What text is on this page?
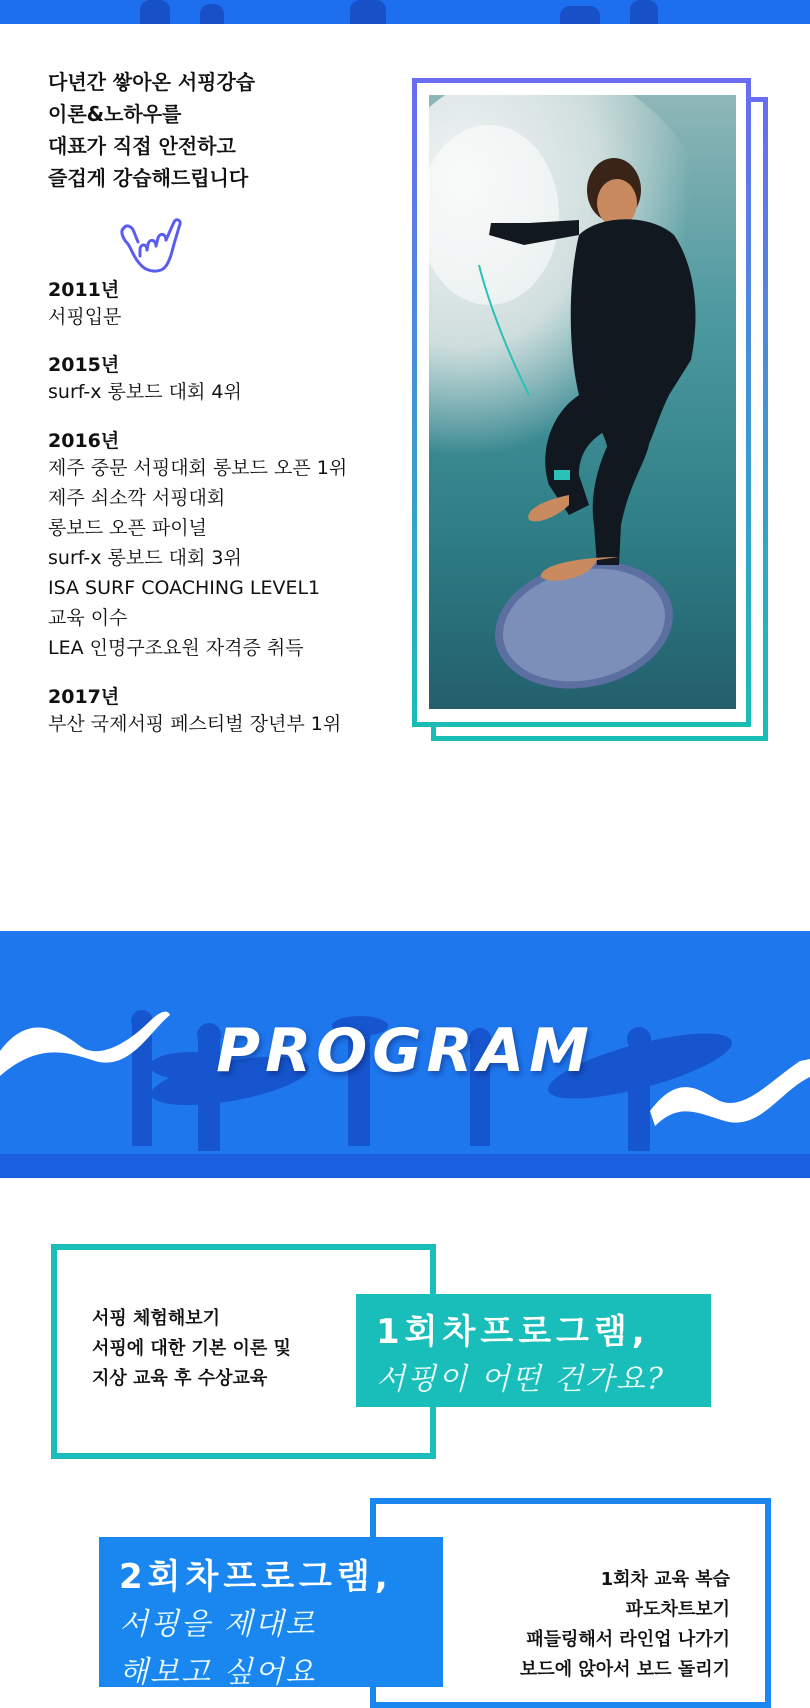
다년간 쌓아온 서핑강습
이론&노하우를
대표가 직접 안전하고
즐겁게 강습해드립니다
2011년
서핑입문
2015년
surf-x 롱보드 대회 4위
2016년
제주 중문 서핑대회 롱보드 오픈 1위
제주 쇠소깍 서핑대회
롱보드 오픈 파이널
surf-x 롱보드 대회 3위
ISA SURF COACHING LEVEL1
교육 이수
LEA 인명구조요원 자격증 취득
2017년
부산 국제서핑 페스티벌 장년부 1위
PROGRAM
서핑 체험해보기
서핑에 대한 기본 이론 및
지상 교육 후 수상교육
1회차프로그램,
서핑이 어떤 건가요?
2회차프로그램,
서핑을 제대로
해보고 싶어요
1회차 교육 복습
파도차트보기
패들링해서 라인업 나가기
보드에 앉아서 보드 돌리기
